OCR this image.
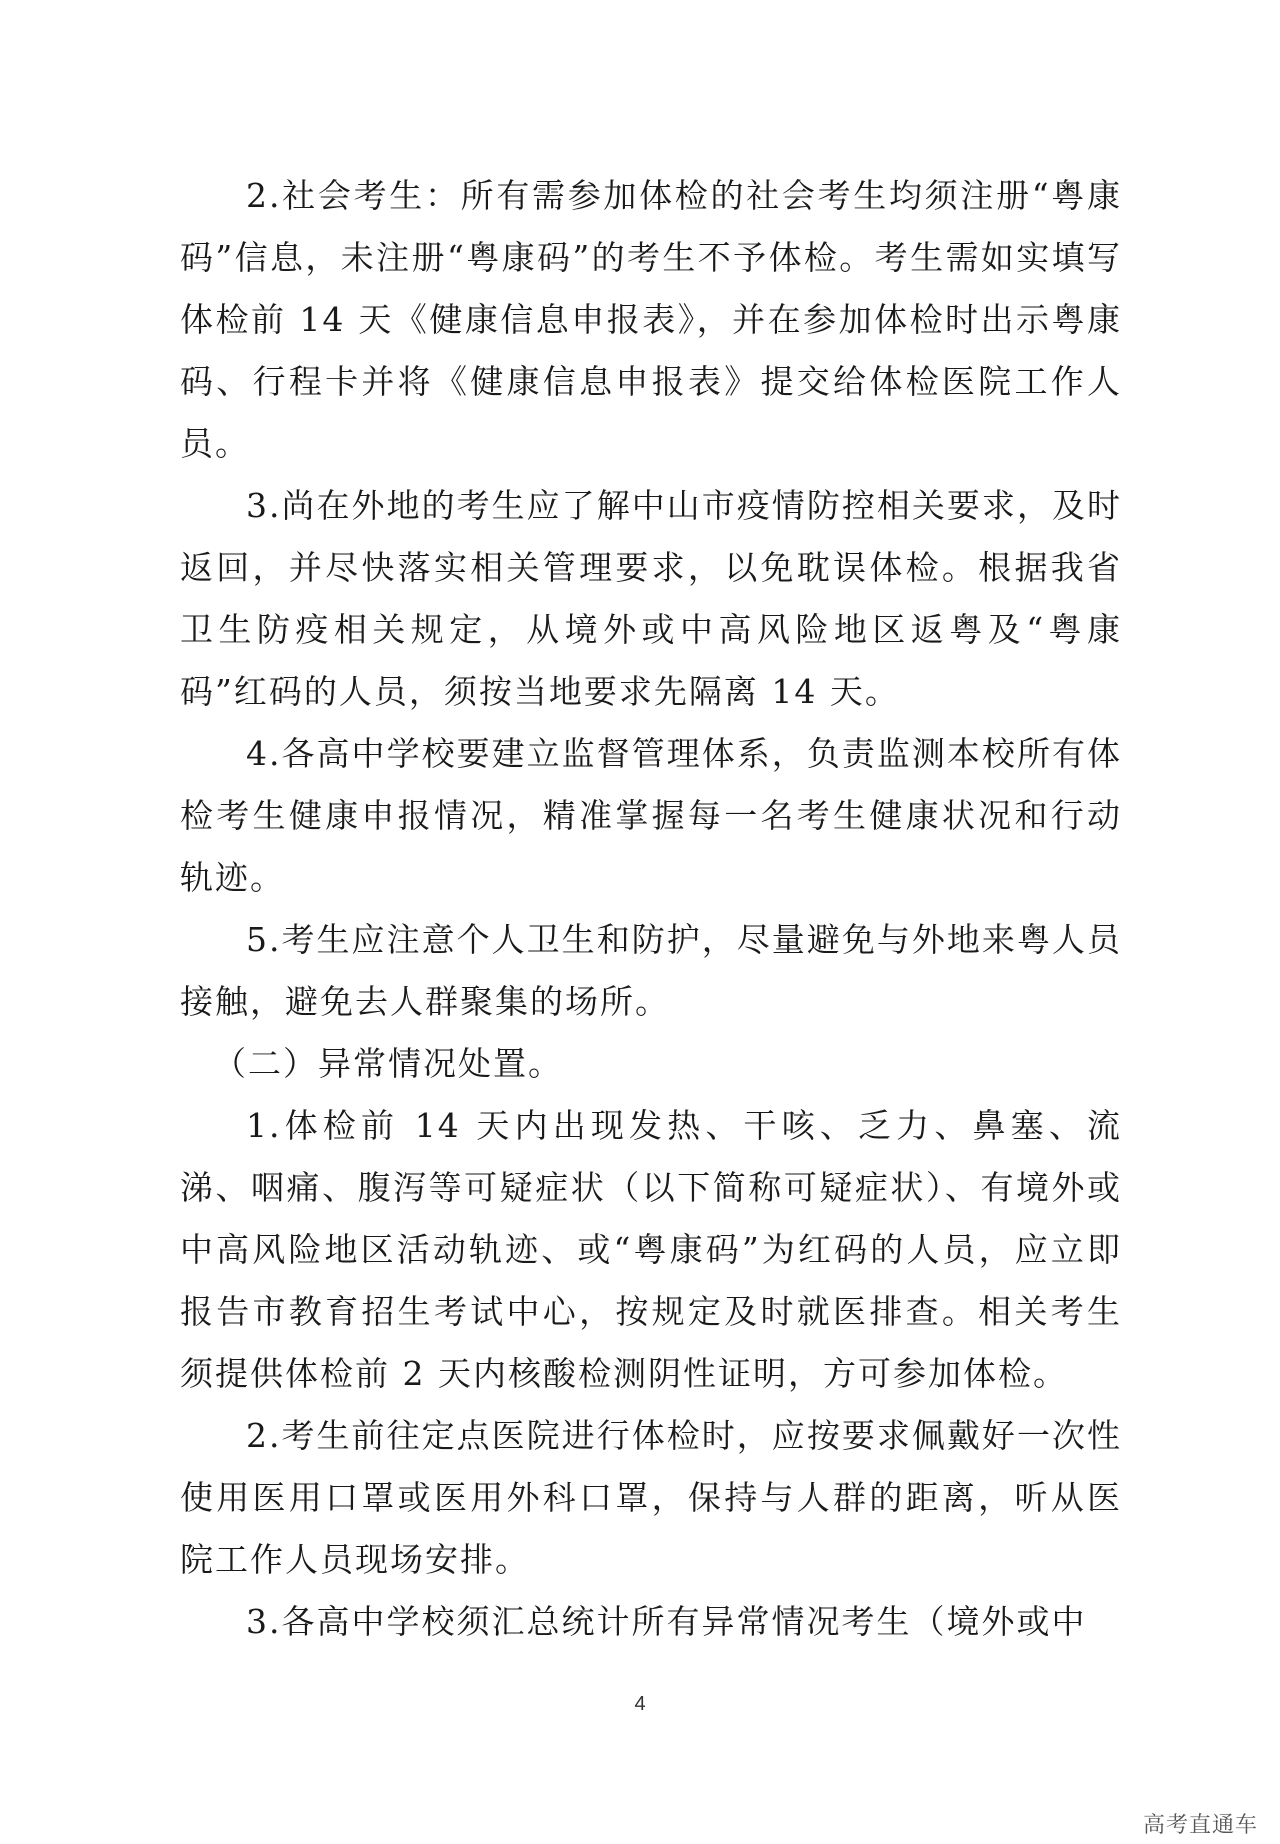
2.社会考生：所有需参加体检的社会考生均须注册“粤康码”信息，未注册“粤康码”的考生不予体检。考生需如实填写体检前 14 天《健康信息申报表》，并在参加体检时出示粤康码、行程卡并将《健康信息申报表》提交给体检医院工作人员。

3.尚在外地的考生应了解中山市疫情防控相关要求，及时返回，并尽快落实相关管理要求，以免耽误体检。根据我省卫生防疫相关规定，从境外或中高风险地区返粤及“粤康码”红码的人员，须按当地要求先隔离 14 天。

4.各高中学校要建立监督管理体系，负责监测本校所有体检考生健康申报情况，精准掌握每一名考生健康状况和行动轨迹。

5.考生应注意个人卫生和防护，尽量避免与外地来粤人员接触，避免去人群聚集的场所。

（二）异常情况处置。

1.体检前 14 天内出现发热、干咳、乏力、鼻塞、流涕、咽痛、腹泻等可疑症状（以下简称可疑症状）、有境外或中高风险地区活动轨迹、或“粤康码”为红码的人员，应立即报告市教育招生考试中心，按规定及时就医排查。相关考生须提供体检前 2 天内核酸检测阴性证明，方可参加体检。

2.考生前往定点医院进行体检时，应按要求佩戴好一次性使用医用口罩或医用外科口罩，保持与人群的距离，听从医院工作人员现场安排。

3.各高中学校须汇总统计所有异常情况考生（境外或中

4
高考直通车
